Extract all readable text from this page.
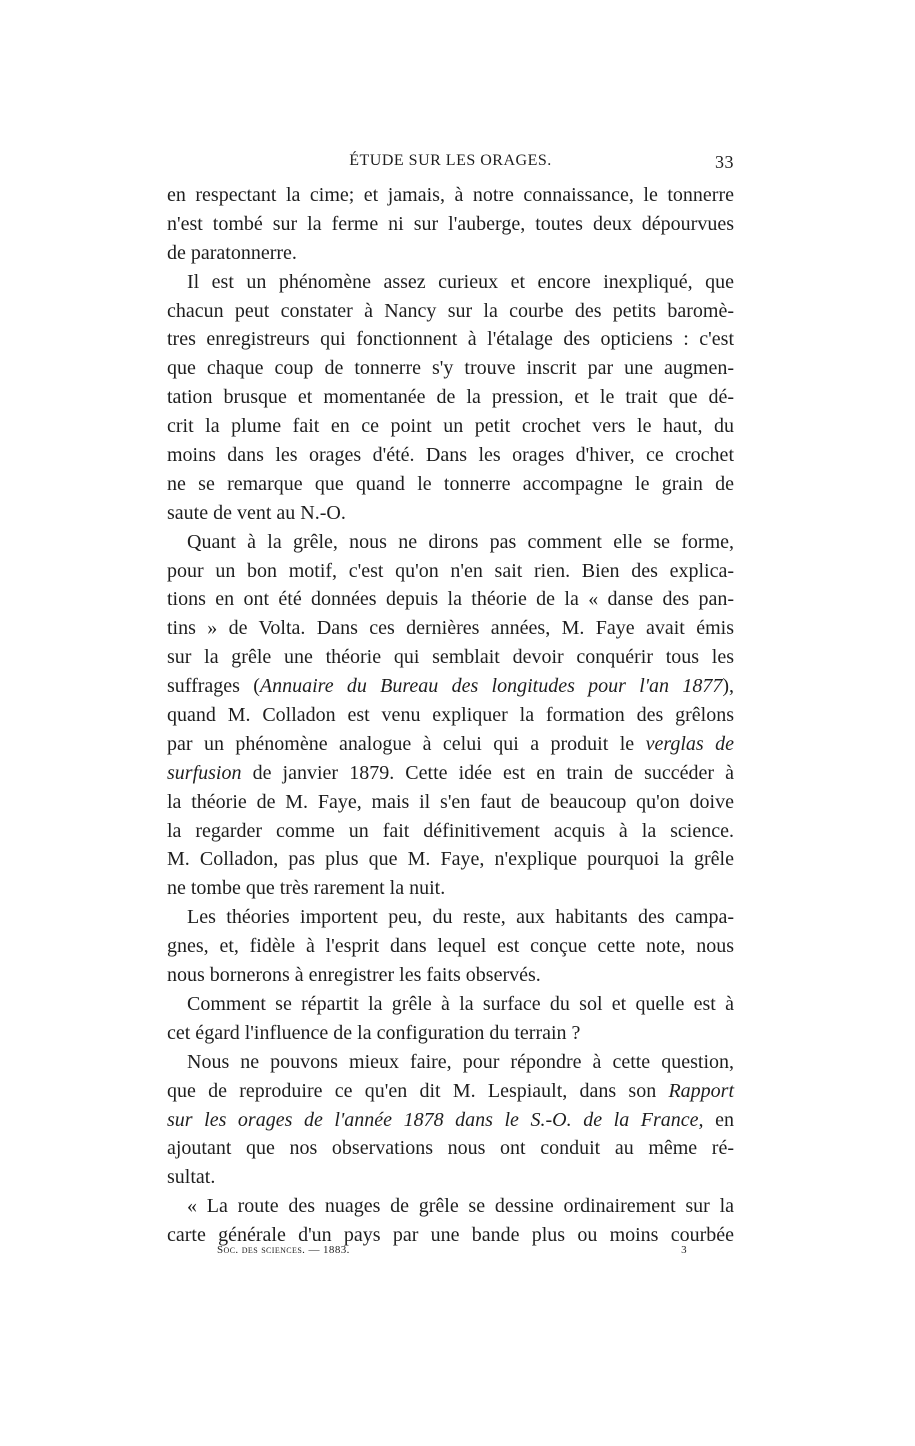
ÉTUDE SUR LES ORAGES.	33
en respectant la cime; et jamais, à notre connaissance, le tonnerre
n'est tombé sur la ferme ni sur l'auberge, toutes deux dépourvues
de paratonnerre.
Il est un phénomène assez curieux et encore inexpliqué, que
chacun peut constater à Nancy sur la courbe des petits baromè-
tres enregistreurs qui fonctionnent à l'étalage des opticiens : c'est
que chaque coup de tonnerre s'y trouve inscrit par une augmen-
tation brusque et momentanée de la pression, et le trait que dé-
crit la plume fait en ce point un petit crochet vers le haut, du
moins dans les orages d'été. Dans les orages d'hiver, ce crochet
ne se remarque que quand le tonnerre accompagne le grain de
saute de vent au N.-O.
Quant à la grêle, nous ne dirons pas comment elle se forme,
pour un bon motif, c'est qu'on n'en sait rien. Bien des explica-
tions en ont été données depuis la théorie de la « danse des pan-
tins » de Volta. Dans ces dernières années, M. Faye avait émis
sur la grêle une théorie qui semblait devoir conquérir tous les
suffrages (Annuaire du Bureau des longitudes pour l'an 1877),
quand M. Colladon est venu expliquer la formation des grêlons
par un phénomène analogue à celui qui a produit le verglas de
surfusion de janvier 1879. Cette idée est en train de succéder à
la théorie de M. Faye, mais il s'en faut de beaucoup qu'on doive
la regarder comme un fait définitivement acquis à la science.
M. Colladon, pas plus que M. Faye, n'explique pourquoi la grêle
ne tombe que très rarement la nuit.
Les théories importent peu, du reste, aux habitants des campa-
gnes, et, fidèle à l'esprit dans lequel est conçue cette note, nous
nous bornerons à enregistrer les faits observés.
Comment se répartit la grêle à la surface du sol et quelle est à
cet égard l'influence de la configuration du terrain ?
Nous ne pouvons mieux faire, pour répondre à cette question,
que de reproduire ce qu'en dit M. Lespiault, dans son Rapport
sur les orages de l'année 1878 dans le S.-O. de la France, en
ajoutant que nos observations nous ont conduit au même ré-
sultat.
« La route des nuages de grêle se dessine ordinairement sur la
carte générale d'un pays par une bande plus ou moins courbée
Soc. des sciences. — 1883.	3
